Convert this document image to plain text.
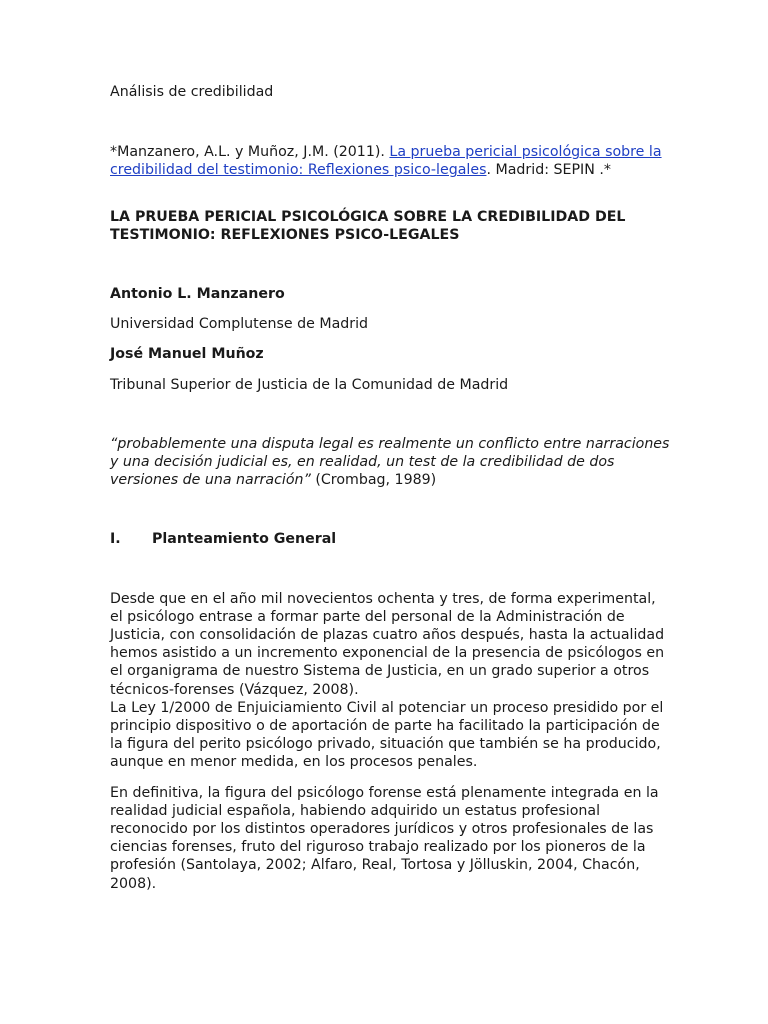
Análisis de credibilidad

*Manzanero, A.L. y Muñoz, J.M. (2011). La prueba pericial psicológica sobre la credibilidad del testimonio: Reflexiones psico-legales. Madrid: SEPIN .*

LA PRUEBA PERICIAL PSICOLÓGICA SOBRE LA CREDIBILIDAD DEL TESTIMONIO: REFLEXIONES PSICO-LEGALES

Antonio L. Manzanero

Universidad Complutense de Madrid

José Manuel Muñoz

Tribunal Superior de Justicia de la Comunidad de Madrid

“probablemente una disputa legal es realmente un conflicto entre narraciones y una decisión judicial es, en realidad, un test de la credibilidad de dos versiones de una narración” (Crombag, 1989)

I.	Planteamiento General

Desde que en el año mil novecientos ochenta y tres, de forma experimental, el psicólogo entrase a formar parte del personal de la Administración de Justicia, con consolidación de plazas cuatro años después, hasta la actualidad hemos asistido a un incremento exponencial de la presencia de psicólogos en el organigrama de nuestro Sistema de Justicia, en un grado superior a otros técnicos-forenses (Vázquez, 2008).

La Ley 1/2000 de Enjuiciamiento Civil al potenciar un proceso presidido por el principio dispositivo o de aportación de parte ha facilitado la participación de la figura del perito psicólogo privado, situación que también se ha producido, aunque en menor medida, en los procesos penales.

En definitiva, la figura del psicólogo forense está plenamente integrada en la realidad judicial española, habiendo adquirido un estatus profesional reconocido por los distintos operadores jurídicos y otros profesionales de las ciencias forenses, fruto del riguroso trabajo realizado por los pioneros de la profesión (Santolaya, 2002; Alfaro, Real, Tortosa y Jölluskin, 2004, Chacón, 2008).
